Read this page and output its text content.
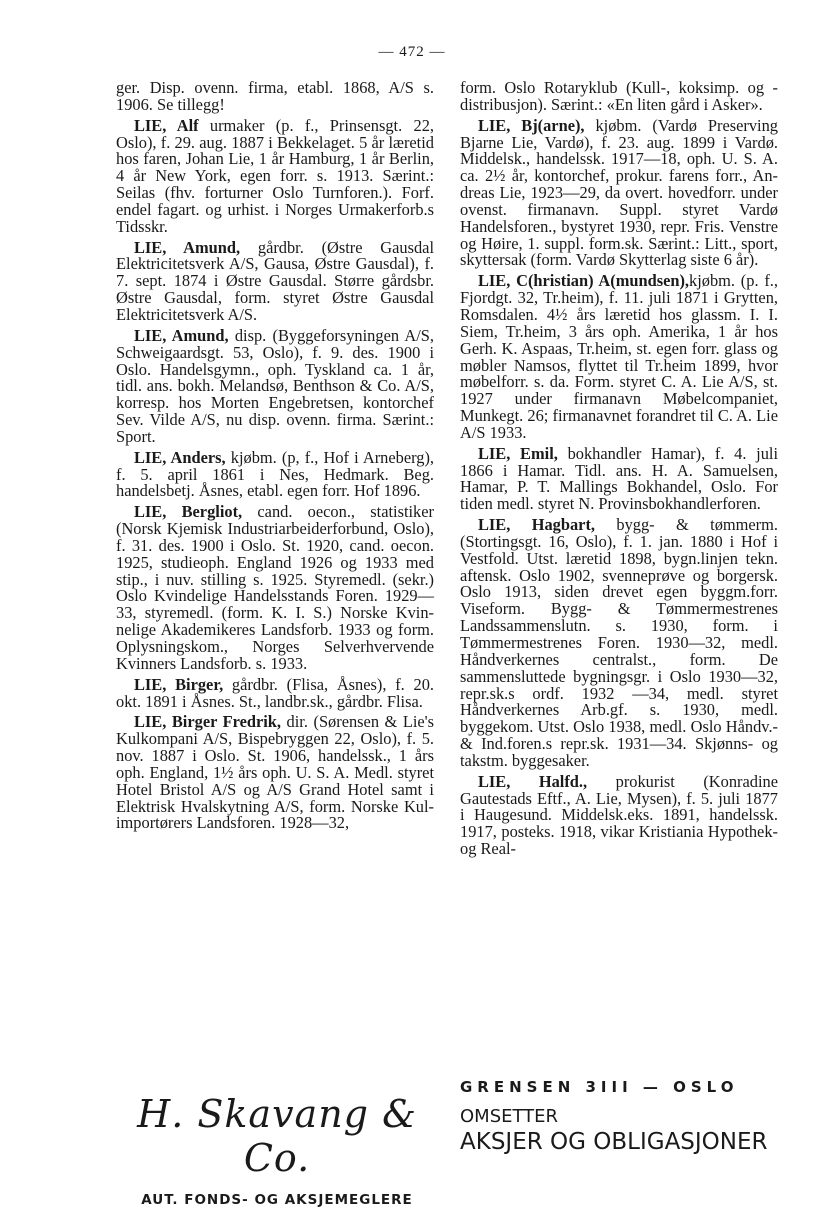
— 472 —

ger. Disp. ovenn. firma, etabl. 1868, A/S s. 1906. Se tillegg!

LIE, Alf urmaker (p. f., Prinsensgt. 22, Oslo), f. 29. aug. 1887 i Bekkelaget. 5 år læretid hos faren, Johan Lie, 1 år Hamburg, 1 år Berlin, 4 år New York, egen forr. s. 1913. Særint.: Seilas (fhv. forturner Oslo Turnforen.). Forf. endel fagart. og urhist. i Norges Urmakerforb.s Tidsskr.

LIE, Amund, gårdbr. (Østre Gausdal Elektricitetsverk A/S, Gausa, Østre Gausdal), f. 7. sept. 1874 i Østre Gausdal. Større gårdsbr. Østre Gausdal, form. styret Østre Gausdal Elektricitetsverk A/S.

LIE, Amund, disp. (Byggeforsyningen A/S, Schweigaardsgt. 53, Oslo), f. 9. des. 1900 i Oslo. Handelsgymn., oph. Tyskland ca. 1 år, tidl. ans. bokh. Melandsø, Benthson & Co. A/S, korresp. hos Morten Engebretsen, kontorchef Sev. Vilde A/S, nu disp. ovenn. firma. Særint.: Sport.

LIE, Anders, kjøbm. (p, f., Hof i Arneberg), f. 5. april 1861 i Nes, Hedmark. Beg. handelsbetj. Åsnes, etabl. egen forr. Hof 1896.

LIE, Bergliot, cand. oecon., statistiker (Norsk Kjemisk Industriarbeiderforbund, Oslo), f. 31. des. 1900 i Oslo. St. 1920, cand. oecon. 1925, studieoph. England 1926 og 1933 med stip., i nuv. stilling s. 1925. Styremedl. (sekr.) Oslo Kvindelige Handelsstands Foren. 1929—33, styremedl. (form. K. I. S.) Norske Kvinnelige Akademikeres Landsforb. 1933 og form. Oplysningskom., Norges Selverhvervende Kvinners Landsforb. s. 1933.

LIE, Birger, gårdbr. (Flisa, Åsnes), f. 20. okt. 1891 i Åsnes. St., landbr.sk., gårdbr. Flisa.

LIE, Birger Fredrik, dir. (Sørensen & Lie's Kulkompani A/S, Bispebryggen 22, Oslo), f. 5. nov. 1887 i Oslo. St. 1906, handelssk., 1 års oph. England, 1½ års oph. U. S. A. Medl. styret Hotel Bristol A/S og A/S Grand Hotel samt i Elektrisk Hvalskytning A/S, form. Norske Kulimportørers Landsforen. 1928—32,

form. Oslo Rotaryklub (Kull-, koksimp. og -distribusjon). Særint.: «En liten gård i Asker».

LIE, Bj(arne), kjøbm. (Vardø Preserving Bjarne Lie, Vardø), f. 23. aug. 1899 i Vardø. Middelsk., handelssk. 1917—18, oph. U. S. A. ca. 2½ år, kontorchef, prokur. farens forr., Andreas Lie, 1923—29, da overt. hovedforr. under ovenst. firmanavn. Suppl. styret Vardø Handelsforen., bystyret 1930, repr. Fris. Venstre og Høire, 1. suppl. form.sk. Særint.: Litt., sport, skyttersak (form. Vardø Skytterlag siste 6 år).

LIE, C(hristian) A(mundsen),kjøbm. (p. f., Fjordgt. 32, Tr.heim), f. 11. juli 1871 i Grytten, Romsdalen. 4½ års læretid hos glassm. I. I. Siem, Tr.heim, 3 års oph. Amerika, 1 år hos Gerh. K. Aspaas, Tr.heim, st. egen forr. glass og møbler Namsos, flyttet til Tr.heim 1899, hvor møbelforr. s. da. Form. styret C. A. Lie A/S, st. 1927 under firmanavn Møbelcompaniet, Munkegt. 26; firmanavnet forandret til C. A. Lie A/S 1933.

LIE, Emil, bokhandler Hamar), f. 4. juli 1866 i Hamar. Tidl. ans. H. A. Samuelsen, Hamar, P. T. Mallings Bokhandel, Oslo. For tiden medl. styret N. Provinsbokhandlerforen.

LIE, Hagbart, bygg- & tømmerm. (Stortingsgt. 16, Oslo), f. 1. jan. 1880 i Hof i Vestfold. Utst. læretid 1898, bygn.linjen tekn. aftensk. Oslo 1902, svenneprøve og borgersk. Oslo 1913, siden drevet egen byggm.forr. Viseform. Bygg- & Tømmermestrenes Landssammenslutn. s. 1930, form. i Tømmermestrenes Foren. 1930—32, medl. Håndverkernes centralst., form. De sammensluttede bygningsgr. i Oslo 1930—32, repr.sk.s ordf. 1932 —34, medl. styret Håndverkernes Arb.gf. s. 1930, medl. byggekom. Utst. Oslo 1938, medl. Oslo Håndv.- & Ind.foren.s repr.sk. 1931—34. Skjønns- og takstm. byggesaker.

LIE, Halfd., prokurist (Konradine Gautestads Eftf., A. Lie, Mysen), f. 5. juli 1877 i Haugesund. Middelsk.eks. 1891, handelssk. 1917, posteks. 1918, vikar Kristiania Hypothek- og Real-

H. Skavang & Co.
AUT. FONDS- OG AKSJEMEGLERE
GRENSEN 3III — OSLO
OMSETTER
AKSJER OG OBLIGASJONER
